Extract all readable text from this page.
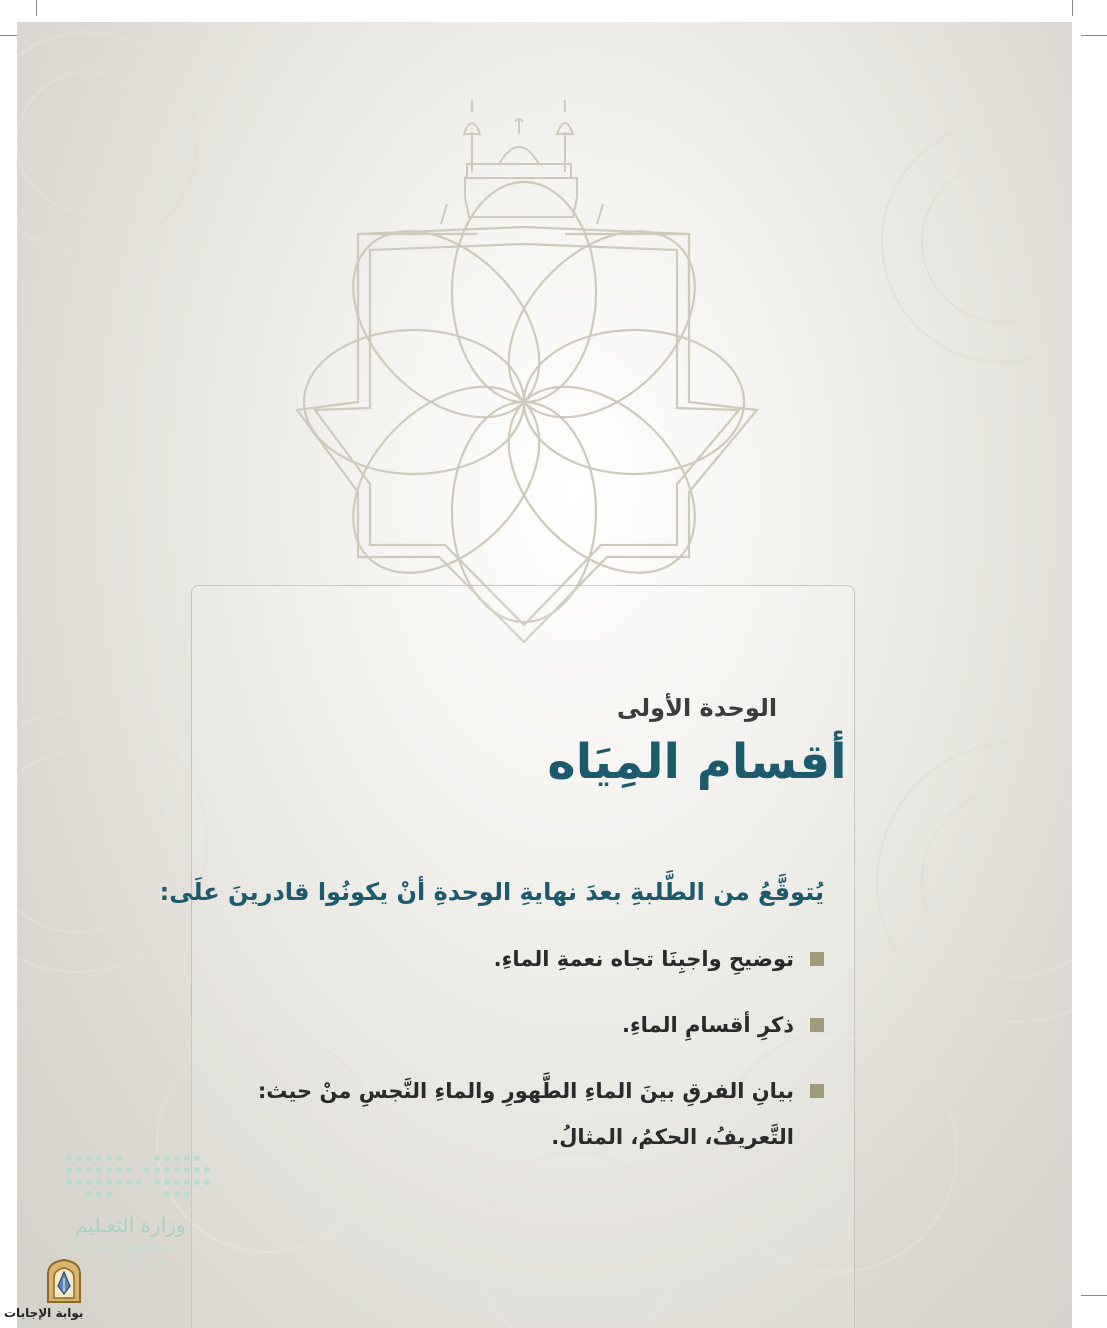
الوحدة الأولى
أقسام المِيَاه
يُتوقَّعُ من الطَّلبةِ بعدَ نهايةِ الوحدةِ أنْ يكونُوا قادرينَ علَى:
توضيحِ واجبِنَا تجاه نعمةِ الماءِ.
ذكرِ أقسامِ الماءِ.
بيانِ الفرقِ بينَ الماءِ الطَّهورِ والماءِ النَّجسِ منْ حيث: التَّعريفُ، الحكمُ، المثالُ.
وزارة التعـليم
Ministry of Education
2022 - 1444
بوابة الإجابات
